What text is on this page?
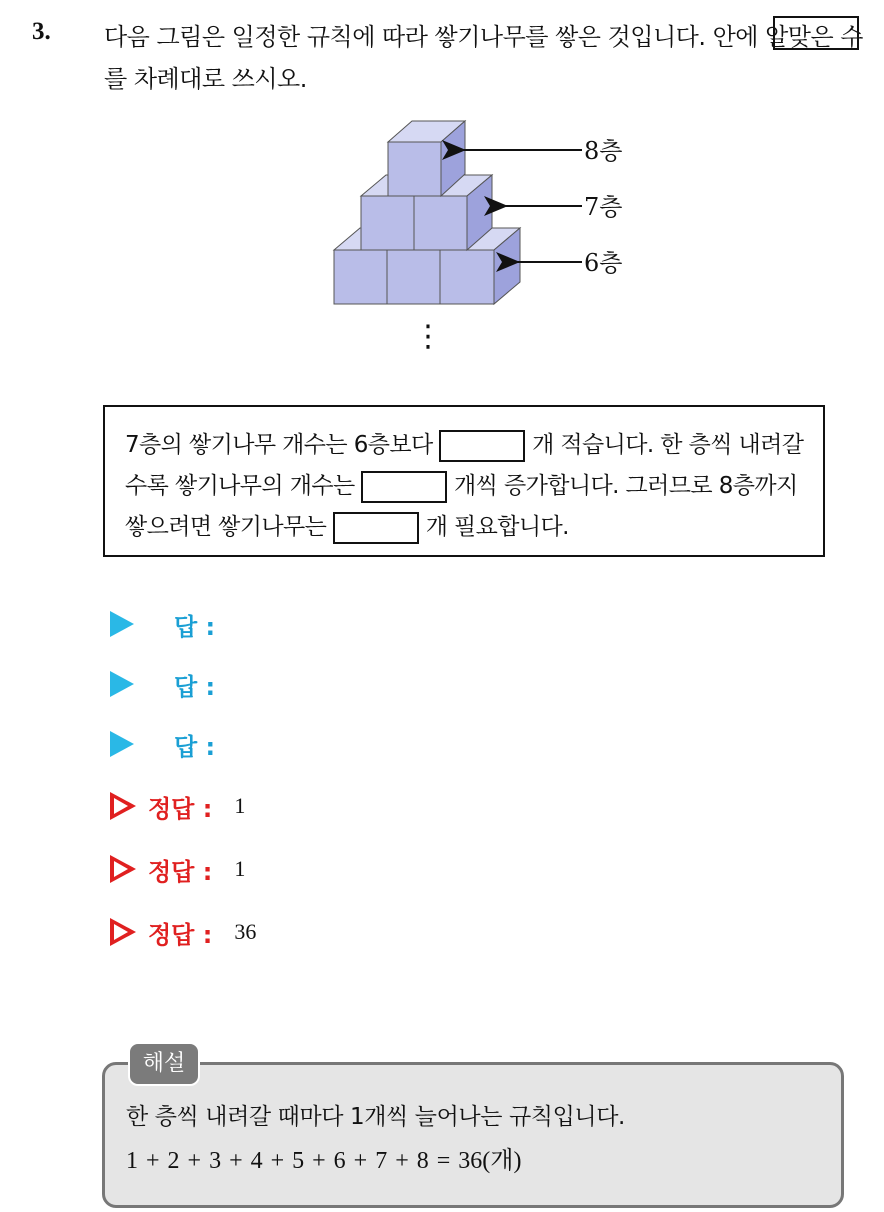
3. 다음 그림은 일정한 규칙에 따라 쌓기나무를 쌓은 것입니다. 안에 알맞은 수를 차례대로 쓰시오.
8층
7층
6층
⋮
7층의 쌓기나무 개수는 6층보다	개 적습니다. 한 층씩 내려갈수록 쌓기나무의 개수는	개씩 증가합니다. 그러므로 8층까지 쌓으려면 쌓기나무는	개 필요합니다.
답 :
답 :
답 :
정답 : 1
정답 : 1
정답 : 36
해설
한 층씩 내려갈 때마다 1개씩 늘어나는 규칙입니다.
1 + 2 + 3 + 4 + 5 + 6 + 7 + 8 = 36(개)
